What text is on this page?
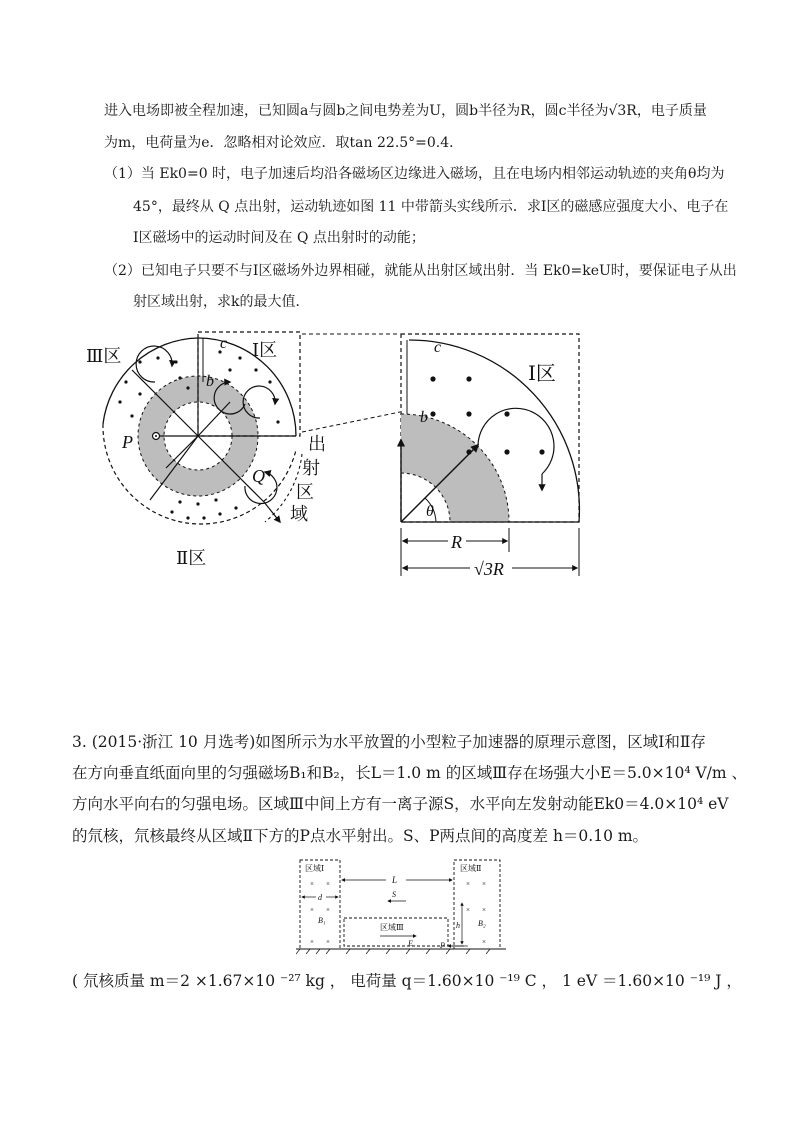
进入电场即被全程加速，已知圆a与圆b之间电势差为U，圆b半径为R，圆c半径为√3R，电子质量
为m，电荷量为e．忽略相对论效应．取tan 22.5°=0.4．
（1）当 Ek0=0 时，电子加速后均沿各磁场区边缘进入磁场，且在电场内相邻运动轨迹的夹角θ均为
45°，最终从 Q 点出射，运动轨迹如图 11 中带箭头实线所示．求Ⅰ区的磁感应强度大小、电子在
Ⅰ区磁场中的运动时间及在 Q 点出射时的动能；
（2）已知电子只要不与Ⅰ区磁场外边界相碰，就能从出射区域出射．当 Ek0=keU时，要保证电子从出
射区域出射，求k的最大值．
Ⅲ区	Ⅰ区
Ⅱ区
c
b
P
Q
出
射
区
域
c
Ⅰ区
b
θ
R
√3R
3. (2015·浙江 10 月选考)如图所示为水平放置的小型粒子加速器的原理示意图，区域Ⅰ和Ⅱ存
在方向垂直纸面向里的匀强磁场B₁和B₂，长L＝1.0 m 的区域Ⅲ存在场强大小E＝5.0×10⁴ V/m 、
方向水平向右的匀强电场。区域Ⅲ中间上方有一离子源S，水平向左发射动能Ek0＝4.0×10⁴ eV
的氘核，氘核最终从区域Ⅱ下方的P点水平射出。S、P两点间的高度差 h＝0.10 m。
× ×
× ×
× ×
× ×
× ×
×
区域Ⅰ	区域Ⅱ
区域Ⅲ
L
S
d
B₁	B₂
E
h
P
( 氘核质量 m＝2 ×1.67×10 ⁻²⁷ kg ， 电荷量 q＝1.60×10 ⁻¹⁹ C ， 1 eV ＝1.60×10 ⁻¹⁹ J ，
